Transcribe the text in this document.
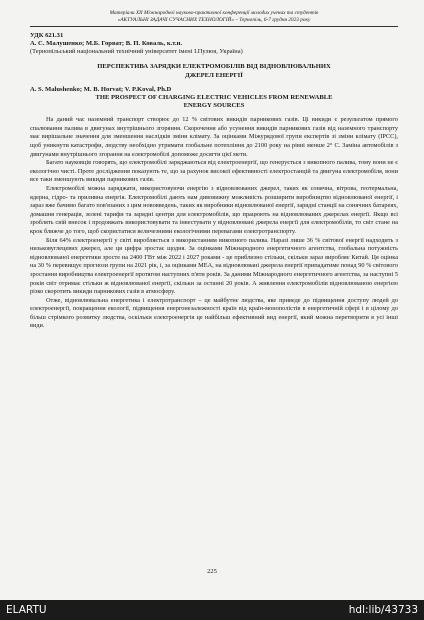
Матеріали XII Міжнародної науково-практичної конференції молодих учених та студентів
«АКТУАЛЬНІ ЗАДАЧІ СУЧАСНИХ ТЕХНОЛОГІЙ» – Тернопіль, 6-7 грудня 2023 року
УДК 621.31
А. С. Малушенко; М.Б. Горват; В. П. Коваль, к.т.н.
(Тернопільський національний технічний університет імені І.Пулюя, Україна)
ПЕРСПЕКТИВА ЗАРЯДКИ ЕЛЕКТРОМОБІЛІВ ВІД ВІДНОВЛЮВАЛЬНИХ
ДЖЕРЕЛ ЕНЕРГІЇ
A. S. Malushenko; M. B. Horvat; V. P.Koval, Ph.D
THE PROSPECT OF CHARGING ELECTRIC VEHICLES FROM RENEWABLE
ENERGY SOURCES

На даний час наземний транспорт створює до 12 % світових викидів парникових газів. Ці викиди є результатом прямого спалювання палива в двигунах внутрішнього згоряння. Скорочення або усунення викидів парникових газів від наземного транспорту має вирішальне значення для зменшення наслідків зміни клімату. За оцінками Міжурядової групи експертів зі зміни клімату (IPCC), щоб уникнути катастрофи, людству необхідно утримати глобальне потепління до 2100 року на рівні менше 2° С. Заміна автомобілів з двигунами внутрішнього згорання на електромобілі допоможе досягти цієї мети.

Багато науковців говорять, що електромобілі заряджаються від електроенергії, що генерується з викопного палива, тому вони не є екологічно чисті. Проте дослідження показують те, що за рахунок високої ефективності електростанцій та двигуна електромобіля, вони все таки зменшують викиди парникових газів.

Електромобілі можна заряджати, використовуючи енергію з відновлюваних джерел, таких як сонячна, вітрова, геотермальна, ядерна, гідро- та приливна енергія. Електромобілі дають нам дивовижну можливість розширити виробництво відновлюваної енергії, і зараз вже бачимо багато пов'язаних з цим нововведень, таких як виробники відновлюваної енергії, зарядні станції на сонячних батареях, домашня генерація, зелені тарифи та зарядні центри для електромобілів, що працюють на відновлюваних джерелах енергії. Якщо всі зроблять свій внесок і продовжать використовувати та інвестувати у відновлювані джерела енергії для електромобілів, то світ стане на крок ближче до того, щоб скористатися величезними екологічними перевагами електротранспорту.

Біля 64% електроенергії у світі виробляється з використанням викопного палива. Наразі лише 36 % світової енергії надходить з низьковуглецевих джерел, але ця цифра зростає щодня. За оцінками Міжнародного енергетичного агентства, глобальна потужність відновлюваної енергетики зросте на 2400 ГВт між 2022 і 2027 роками - це приблизно стільки, скільки зараз виробляє Китай. Ця оцінка на 30 % перевищує прогнози групи на 2021 рік, і, за оцінками МЕА, на відновлювані джерела енергії припадатиме понад 90 % світового зростання виробництва електроенергії протягом наступних п'яти років. За даними Міжнародного енергетичного агентства, за наступні 5 років світ отримає стільки ж відновлюваної енергії, скільки за останні 20 років. А живлення електромобілів відновлюваною енергією різко скоротить викиди парникових газів в атмосферу.

Отже, відновлювальна енергетика і електротранспорт – це майбутнє людства, яке приведе до підвищення доступу людей до електроенергії, покращення екології, підвищення енергонезалежності країн від країн-монополістів в енергетичній сфері і в цілому до більш стрімкого розвитку людства, оскільки електроенергія це найбільш ефективний вид енергії, який можна перетворити в усі інші види.

225
ELARTU	hdl:lib/43733
